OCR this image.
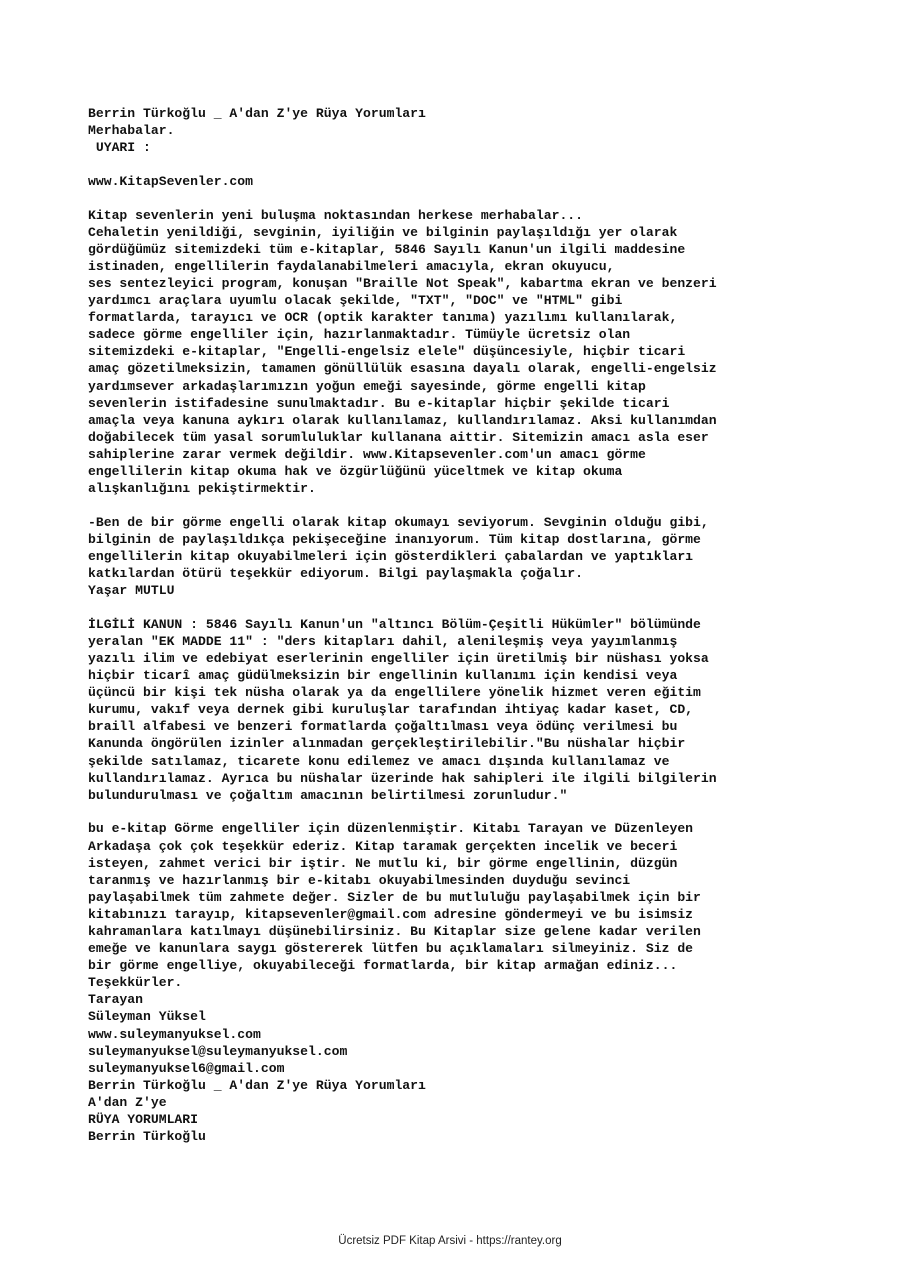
Berrin Türkoğlu _ A'dan Z'ye Rüya Yorumları
Merhabalar.
UYARI :
www.KitapSevenler.com
Kitap sevenlerin yeni buluşma noktasından herkese merhabalar...
Cehaletin yenildiği, sevginin, iyiliğin ve bilginin paylaşıldığı yer olarak
gördüğümüz sitemizdeki tüm e-kitaplar, 5846 Sayılı Kanun'un ilgili maddesine
istinaden, engellilerin faydalanabilmeleri amacıyla, ekran okuyucu,
ses sentezleyici program, konuşan "Braille Not Speak", kabartma ekran ve benzeri
yardımcı araçlara uyumlu olacak şekilde, "TXT", "DOC" ve "HTML" gibi
formatlarda, tarayıcı ve OCR (optik karakter tanıma) yazılımı kullanılarak,
sadece görme engelliler için, hazırlanmaktadır. Tümüyle ücretsiz olan
sitemizdeki e-kitaplar, "Engelli-engelsiz elele" düşüncesiyle, hiçbir ticari
amaç gözetilmeksizin, tamamen gönüllülük esasına dayalı olarak, engelli-engelsiz
yardımsever arkadaşlarımızın yoğun emeği sayesinde, görme engelli kitap
sevenlerin istifadesine sunulmaktadır. Bu e-kitaplar hiçbir şekilde ticari
amaçla veya kanuna aykırı olarak kullanılamaz, kullandırılamaz. Aksi kullanımdan
doğabilecek tüm yasal sorumluluklar kullanana aittir. Sitemizin amacı asla eser
sahiplerine zarar vermek değildir. www.Kitapsevenler.com'un amacı görme
engellilerin kitap okuma hak ve özgürlüğünü yüceltmek ve kitap okuma
alışkanlığını pekiştirmektir.
-Ben de bir görme engelli olarak kitap okumayı seviyorum. Sevginin olduğu gibi,
bilginin de paylaşıldıkça pekişeceğine inanıyorum. Tüm kitap dostlarına, görme
engellilerin kitap okuyabilmeleri için gösterdikleri çabalardan ve yaptıkları
katkılardan ötürü teşekkür ediyorum. Bilgi paylaşmakla çoğalır.
Yaşar MUTLU
İLGİLİ KANUN : 5846 Sayılı Kanun'un "altıncı Bölüm-Çeşitli Hükümler" bölümünde
yeralan "EK MADDE 11" : "ders kitapları dahil, alenileşmiş veya yayımlanmış
yazılı ilim ve edebiyat eserlerinin engelliler için üretilmiş bir nüshası yoksa
hiçbir ticarî amaç güdülmeksizin bir engellinin kullanımı için kendisi veya
üçüncü bir kişi tek nüsha olarak ya da engellilere yönelik hizmet veren eğitim
kurumu, vakıf veya dernek gibi kuruluşlar tarafından ihtiyaç kadar kaset, CD,
braill alfabesi ve benzeri formatlarda çoğaltılması veya ödünç verilmesi bu
Kanunda öngörülen izinler alınmadan gerçekleştirilebilir."Bu nüshalar hiçbir
şekilde satılamaz, ticarete konu edilemez ve amacı dışında kullanılamaz ve
kullandırılamaz. Ayrıca bu nüshalar üzerinde hak sahipleri ile ilgili bilgilerin
bulundurulması ve çoğaltım amacının belirtilmesi zorunludur."
bu e-kitap Görme engelliler için düzenlenmiştir. Kitabı Tarayan ve Düzenleyen
Arkadaşa çok çok teşekkür ederiz. Kitap taramak gerçekten incelik ve beceri
isteyen, zahmet verici bir iştir. Ne mutlu ki, bir görme engellinin, düzgün
taranmış ve hazırlanmış bir e-kitabı okuyabilmesinden duyduğu sevinci
paylaşabilmek tüm zahmete değer. Sizler de bu mutluluğu paylaşabilmek için bir
kitabınızı tarayıp, kitapsevenler@gmail.com adresine göndermeyi ve bu isimsiz
kahramanlara katılmayı düşünebilirsiniz. Bu Kitaplar size gelene kadar verilen
emeğe ve kanunlara saygı göstererek lütfen bu açıklamaları silmeyiniz. Siz de
bir görme engelliye, okuyabileceği formatlarda, bir kitap armağan ediniz...
Teşekkürler.
Tarayan
Süleyman Yüksel
www.suleymanyuksel.com
suleymanyuksel@suleymanyuksel.com
suleymanyuksel6@gmail.com
Berrin Türkoğlu _ A'dan Z'ye Rüya Yorumları
A'dan Z'ye
RÜYA YORUMLARI
Berrin Türkoğlu
Ücretsiz PDF Kitap Arsivi - https://rantey.org
